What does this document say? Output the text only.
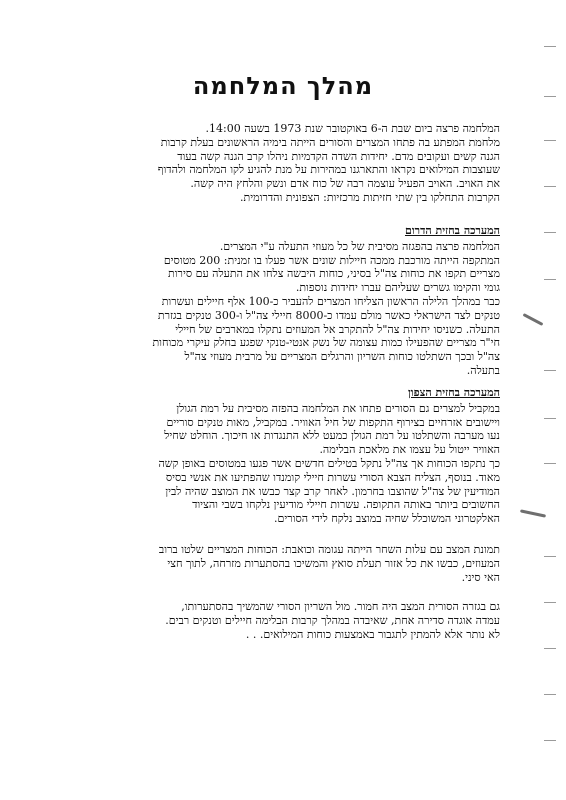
מהלך המלחמה

המלחמה פרצה ביום שבת ה-6 באוקטובר שנת 1973 בשעה 14:00.

מלחמת המפתע בה פתחו המצרים והסורים הייתה בימיה הראשונים בעלת קרבות

הגנה קשים ועקובים מדם. יחידות השדה הקדמיות ניהלו קרב הגנה קשה בעוד

שעוצבות המילואים נקראו והתארגנו במהירות על מנת להגיע לקו המלחמה ולהדוף

את האויב. האויב הפעיל עוצמה רבה של כוח אדם ונשק והלחץ היה קשה.

הקרבות התחלקו בין שתי חזיתות מרכזיות: הצפונית והדרומית.

המערכה בחזית הדרום

המלחמה פרצה בהפגזה מסיבית של כל מעוזי התעלה ע"י המצרים.

המתקפה הייתה מורכבת ממכה חיילות שונים אשר פעלו בו זמנית: 200 מטוסים

מצריים תקפו את כוחות צה"ל בסיני, כוחות היבשה צלחו את התעלה עם סירות

גומי והקימו גשרים שעליהם עברו יחידות נוספות.

כבר במהלך הלילה הראשון הצליחו המצרים להעביר כ-100 אלף חיילים ועשרות

טנקים לצד הישראלי כאשר מולם עמדו כ-8000 חיילי צה"ל ו-300 טנקים בגזרת

התעלה. כשניסו יחידות צה"ל להתקרב אל המעוזים נתקלו במארבים של חיילי

חי"ר מצריים שהפעילו כמות עצומה של נשק אנטי-טנקי שפגע בחלק עיקרי מכוחות

צה"ל ובכך השתלטו כוחות השריון והרגלים המצריים על מרבית מעוזי צה"ל

בתעלה.

המערכה בחזית הצפון

במקביל למצרים גם הסורים פתחו את המלחמה בהפזה מסיבית על רמת הגולן

ויישובים אזרחיים בצירוף התקפות של חיל האוויר. במקביל, מאות טנקים סוריים

נעו מערבה והשתלטו על רמת הגולן כמעט ללא התנגדות או חיכוך. הוחלט שחיל

האוויר ייטול על עצמו את מלאכת הבלימה.

כך נתקפו הכוחות אך צה"ל נתקל בטילים חדשים אשר פגעו במטוסים באופן קשה

מאוד. בנוסף, הצליח הצבא הסורי עשרות חיילי קומנדו שהפתיעו את אנשי בסיס

המודיעין של צה"ל שהוצבו בחרמון. לאחר קרב קצר כבשו את המוצב שהיה לבין

החשובים ביותר באותה התקופה. עשרות חיילי מודיעין נלקחו בשבי והציוד

האלקטרוני המשוכלל שחיה במוצב נלקח לידי הסורים.

תמונת המצב עם עלות השחר הייתה עגומה וכואבת: הכוחות המצריים שלטו ברוב

המעוזים, כבשו את כל אזור תעלת סואץ והמשיכו בהסתערות מזרחה, לתוך חצי

האי סיני.

גם בגזרה הסורית המצב היה חמור. מול השריון הסורי שהמשיך בהסתערותו,

עמדה אוגדה סדירה אחת, שאיבדה במהלך קרבות הבלימה חיילים וטנקים רבים.

לא נותר אלא להמתין לתגבור באמצעות כוחות המילואים. . .
